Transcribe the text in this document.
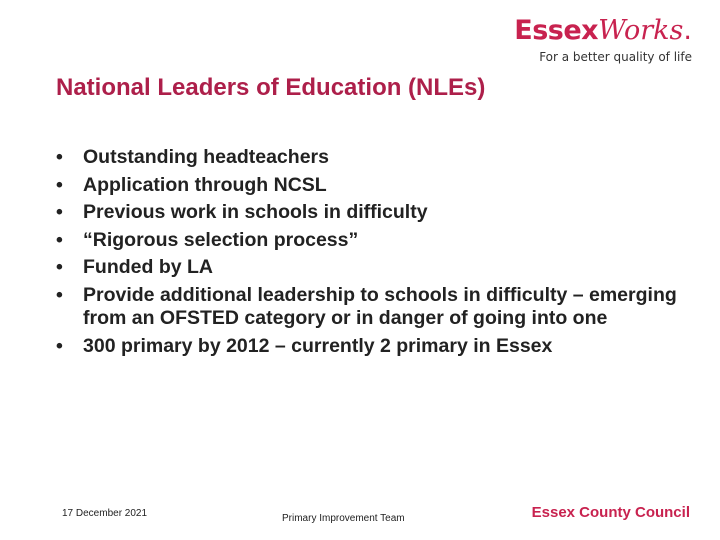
EssexWorks.
For a better quality of life
National Leaders of Education (NLEs)
• Outstanding headteachers
• Application through NCSL
• Previous work in schools in difficulty
• “Rigorous selection process”
• Funded by LA
• Provide additional leadership to schools in difficulty – emerging from an OFSTED category or in danger of going into one
• 300 primary by 2012 – currently 2 primary in Essex
17 December 2021	Primary Improvement Team	Essex County Council
